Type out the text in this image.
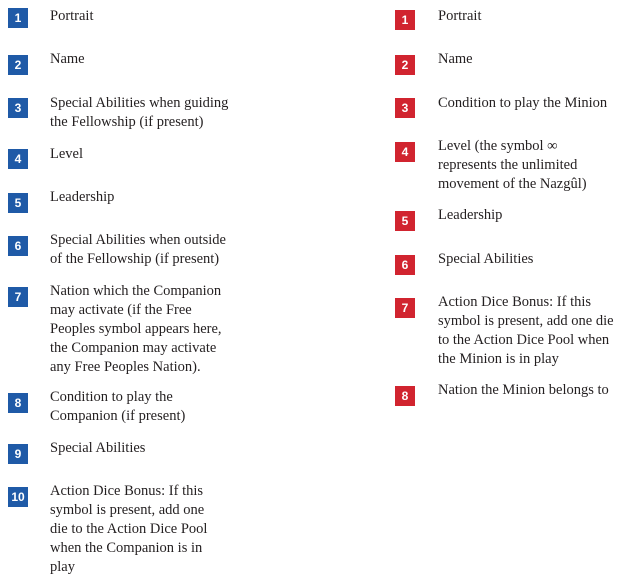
1	Portrait
2	Name
3	Special Abilities when guiding
the Fellowship (if present)
4	Level
5	Leadership
6	Special Abilities when outside
of the Fellowship (if present)
7	Nation which the Companion
may activate (if the Free
Peoples symbol appears here,
the Companion may activate
any Free Peoples Nation).
8	Condition to play the
Companion (if present)
9	Special Abilities
10 Action Dice Bonus: If this
symbol is present, add one
die to the Action Dice Pool
when the Companion is in
play
1	Portrait
2	Name
3	Condition to play the Minion
4	Level (the symbol ∞
represents the unlimited
movement of the Nazgûl)
5	Leadership
6	Special Abilities
7	Action Dice Bonus: If this
symbol is present, add one die
to the Action Dice Pool when
the Minion is in play
8	Nation the Minion belongs to
